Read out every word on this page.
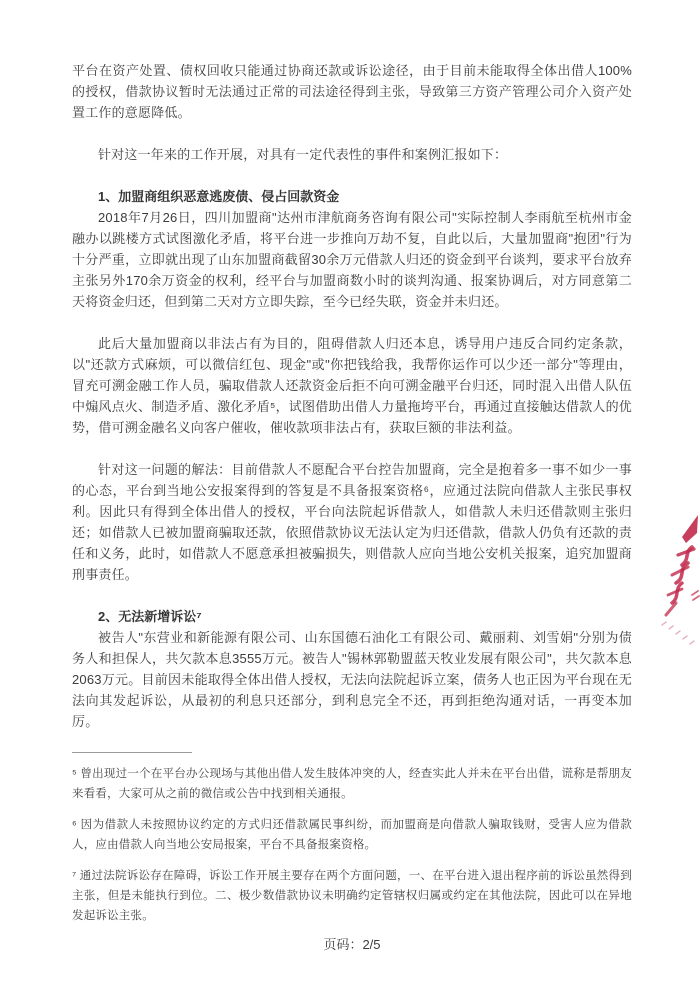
平台在资产处置、债权回收只能通过协商还款或诉讼途径，由于目前未能取得全体出借人100%的授权，借款协议暂时无法通过正常的司法途径得到主张，导致第三方资产管理公司介入资产处置工作的意愿降低。

针对这一年来的工作开展，对具有一定代表性的事件和案例汇报如下：

1、加盟商组织恶意逃废债、侵占回款资金

2018年7月26日，四川加盟商"达州市津航商务咨询有限公司"实际控制人李雨航至杭州市金融办以跳楼方式试图激化矛盾，将平台进一步推向万劫不复，自此以后，大量加盟商"抱团"行为十分严重，立即就出现了山东加盟商截留30余万元借款人归还的资金到平台谈判，要求平台放弃主张另外170余万资金的权利，经平台与加盟商数小时的谈判沟通、报案协调后，对方同意第二天将资金归还，但到第二天对方立即失踪，至今已经失联，资金并未归还。

此后大量加盟商以非法占有为目的，阻碍借款人归还本息，诱导用户违反合同约定条款，以"还款方式麻烦，可以微信红包、现金"或"你把钱给我，我帮你运作可以少还一部分"等理由，冒充可溯金融工作人员，骗取借款人还款资金后拒不向可溯金融平台归还，同时混入出借人队伍中煽风点火、制造矛盾、激化矛盾⁵，试图借助出借人力量拖垮平台，再通过直接触达借款人的优势，借可溯金融名义向客户催收，催收款项非法占有，获取巨额的非法利益。

针对这一问题的解法：目前借款人不愿配合平台控告加盟商，完全是抱着多一事不如少一事的心态，平台到当地公安报案得到的答复是不具备报案资格⁶，应通过法院向借款人主张民事权利。因此只有得到全体出借人的授权，平台向法院起诉借款人，如借款人未归还借款则主张归还；如借款人已被加盟商骗取还款，依照借款协议无法认定为归还借款，借款人仍负有还款的责任和义务，此时，如借款人不愿意承担被骗损失，则借款人应向当地公安机关报案，追究加盟商刑事责任。

2、无法新增诉讼⁷

被告人"东营业和新能源有限公司、山东国德石油化工有限公司、戴丽莉、刘雪娟"分别为债务人和担保人，共欠款本息3555万元。被告人"锡林郭勒盟蓝天牧业发展有限公司"，共欠款本息2063万元。目前因未能取得全体出借人授权，无法向法院起诉立案，债务人也正因为平台现在无法向其发起诉讼，从最初的利息只还部分，到利息完全不还，再到拒绝沟通对话，一再变本加厉。

⁵ 曾出现过一个在平台办公现场与其他出借人发生肢体冲突的人，经查实此人并未在平台出借，谎称是帮朋友来看看，大家可从之前的微信或公告中找到相关通报。

⁶ 因为借款人未按照协议约定的方式归还借款属民事纠纷，而加盟商是向借款人骗取钱财，受害人应为借款人，应由借款人向当地公安局报案，平台不具备报案资格。

⁷ 通过法院诉讼存在障碍，诉讼工作开展主要存在两个方面问题，一、在平台进入退出程序前的诉讼虽然得到主张，但是未能执行到位。二、极少数借款协议未明确约定管辖权归属或约定在其他法院，因此可以在异地发起诉讼主张。

页码：2/5
